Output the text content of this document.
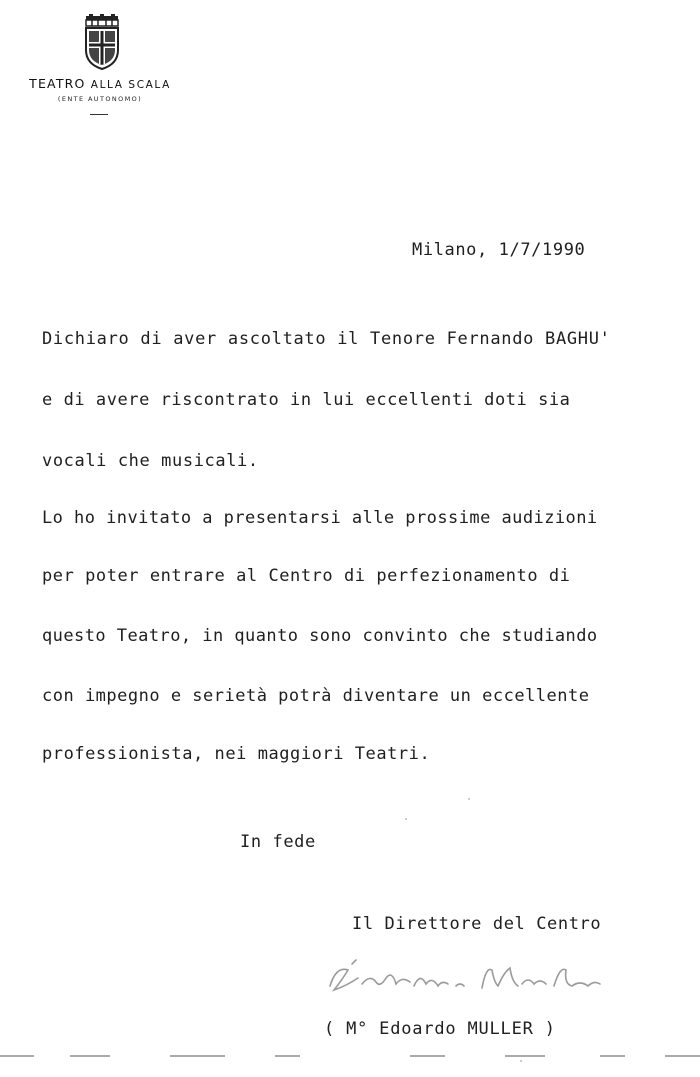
TEATRO ALLA SCALA
(ENTE AUTONOMO)
Milano, 1/7/1990
Dichiaro di aver ascoltato il Tenore Fernando BAGHU'
e di avere riscontrato in lui eccellenti doti sia
vocali che musicali.
Lo ho invitato a presentarsi alle prossime audizioni
per poter entrare al Centro di perfezionamento di
questo Teatro, in quanto sono convinto che studiando
con impegno e serietà potrà diventare un eccellente
professionista, nei maggiori Teatri.
In fede
Il Direttore del Centro
( M° Edoardo MULLER )
